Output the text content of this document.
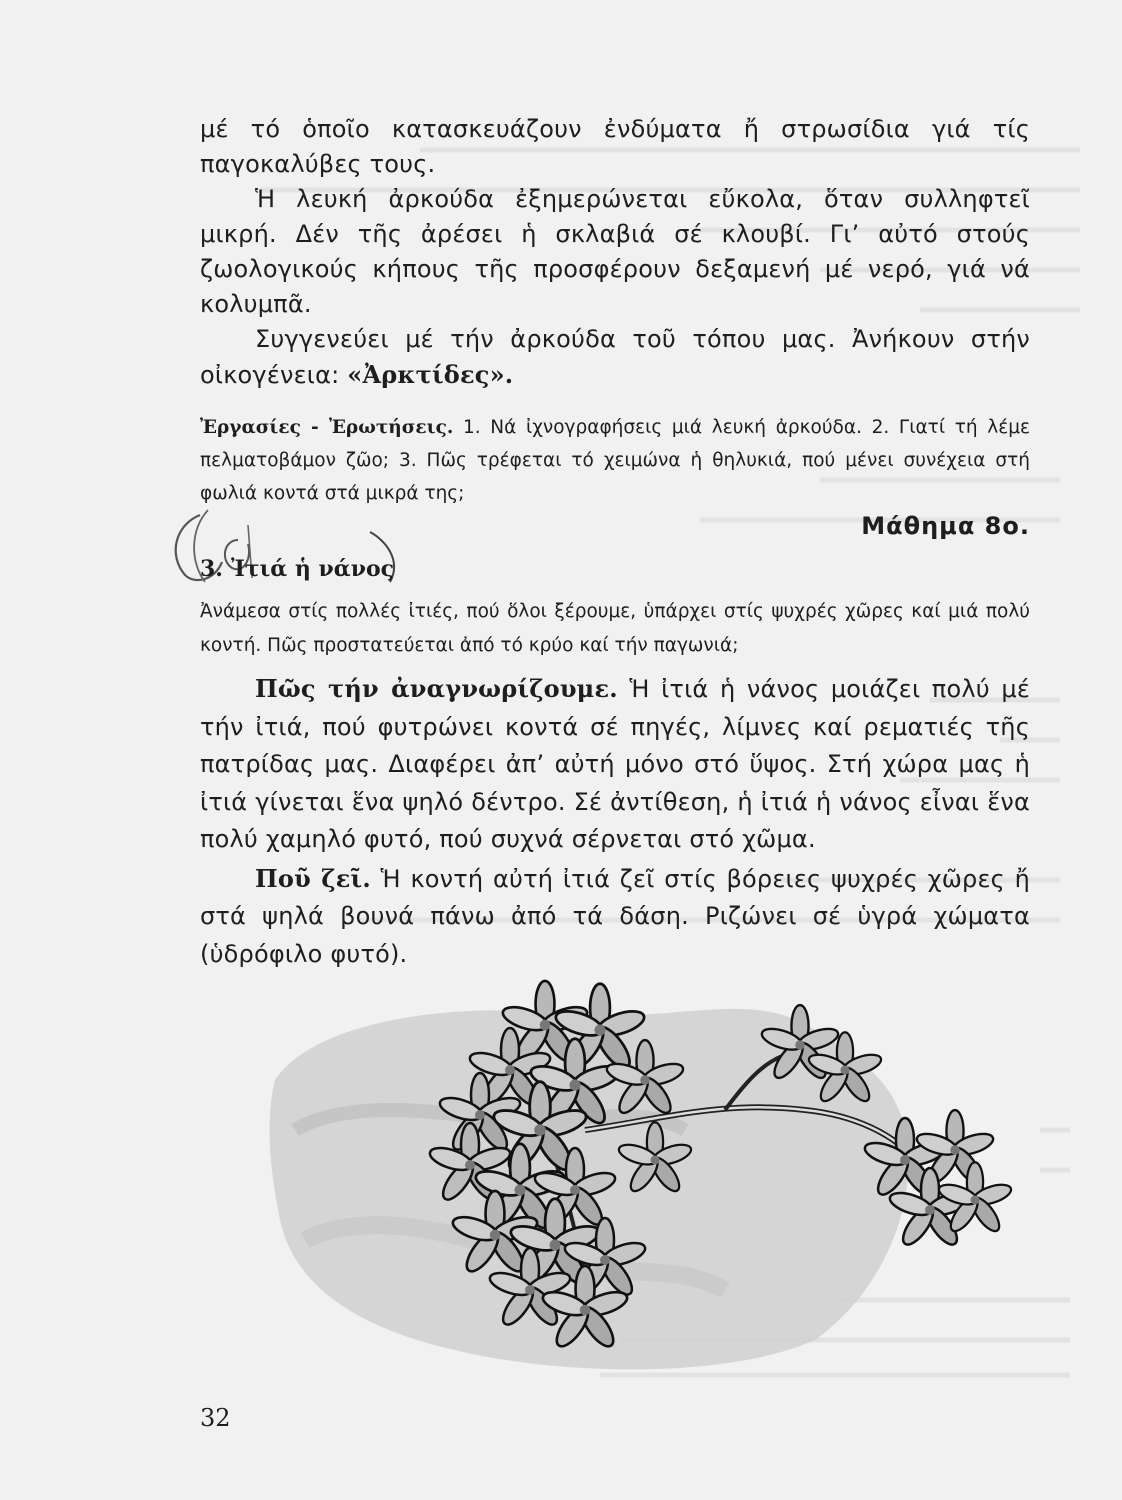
μέ τό ὁποῖο κατασκευάζουν ἐνδύματα ἤ στρωσίδια γιά τίς παγοκαλύβες τους.

Ἡ λευκή ἀρκούδα ἐξημερώνεται εὔκολα, ὅταν συλληφτεῖ μικρή. Δέν τῆς ἀρέσει ἡ σκλαβιά σέ κλουβί. Γι’ αὐτό στούς ζωολογικούς κήπους τῆς προσφέρουν δεξαμενή μέ νερό, γιά νά κολυμπᾶ.

Συγγενεύει μέ τήν ἀρκούδα τοῦ τόπου μας. Ἀνήκουν στήν οἰκογένεια: «Ἀρκτίδες».

Ἐργασίες - Ἐρωτήσεις. 1. Νά ἰχνογραφήσεις μιά λευκή ἀρκούδα. 2. Γιατί τή λέμε πελματοβάμον ζῶο; 3. Πῶς τρέφεται τό χειμώνα ἡ θηλυκιά, πού μένει συνέχεια στή φωλιά κοντά στά μικρά της;

Μάθημα 8ο.
3. Ἰτιά ἡ νάνος

Ἀνάμεσα στίς πολλές ἰτιές, πού ὅλοι ξέρουμε, ὑπάρχει στίς ψυχρές χῶρες καί μιά πολύ κοντή. Πῶς προστατεύεται ἀπό τό κρύο καί τήν παγωνιά;

Πῶς τήν ἀναγνωρίζουμε. Ἡ ἰτιά ἡ νάνος μοιάζει πολύ μέ τήν ἰτιά, πού φυτρώνει κοντά σέ πηγές, λίμνες καί ρεματιές τῆς πατρίδας μας. Διαφέρει ἀπ’ αὐτή μόνο στό ὕψος. Στή χώρα μας ἡ ἰτιά γίνεται ἕνα ψηλό δέντρο. Σέ ἀντίθεση, ἡ ἰτιά ἡ νάνος εἶναι ἕνα πολύ χαμηλό φυτό, πού συχνά σέρνεται στό χῶμα.

Ποῦ ζεῖ. Ἡ κοντή αὐτή ἰτιά ζεῖ στίς βόρειες ψυχρές χῶρες ἤ στά ψηλά βουνά πάνω ἀπό τά δάση. Ριζώνει σέ ὑγρά χώματα (ὑδρόφιλο φυτό).

32
